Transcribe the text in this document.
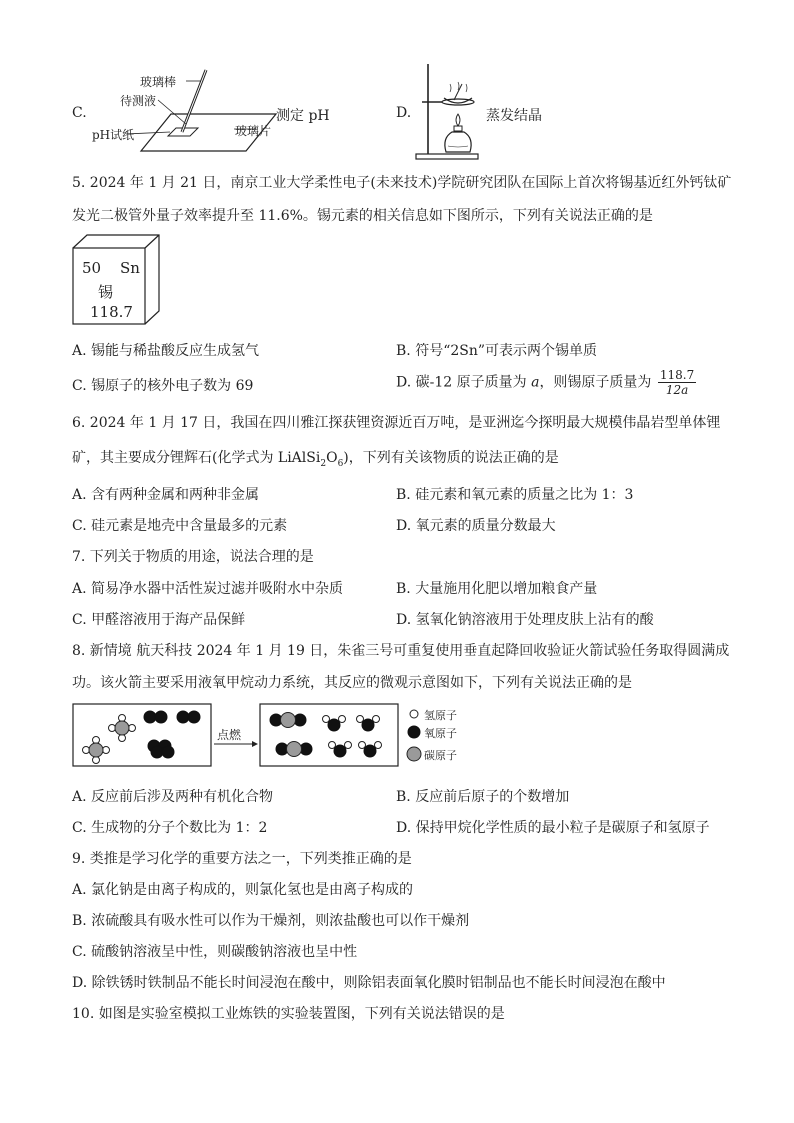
C.
玻璃棒
待测液
pH试纸	玻璃片
测定 pH	D.	蒸发结晶
5. 2024 年 1 月 21 日，南京工业大学柔性电子(未来技术)学院研究团队在国际上首次将锡基近红外钙钛矿
发光二极管外量子效率提升至 11.6%。锡元素的相关信息如下图所示，下列有关说法正确的是
50 Sn
锡
118.7
A. 锡能与稀盐酸反应生成氢气	B. 符号“2Sn”可表示两个锡单质
C. 锡原子的核外电子数为 69	D. 碳-12 原子质量为 a，则锡原子质量为 $\frac{118.7}{12a}$
6. 2024 年 1 月 17 日，我国在四川雅江探获锂资源近百万吨，是亚洲迄今探明最大规模伟晶岩型单体锂
矿，其主要成分锂辉石(化学式为 $LiAlSi_2O_6$)，下列有关该物质的说法正确的是
A. 含有两种金属和两种非金属	B. 硅元素和氧元素的质量之比为 1：3
C. 硅元素是地壳中含量最多的元素	D. 氧元素的质量分数最大
7. 下列关于物质的用途，说法合理的是
A. 简易净水器中活性炭过滤并吸附水中杂质	B. 大量施用化肥以增加粮食产量
C. 甲醛溶液用于海产品保鲜	D. 氢氧化钠溶液用于处理皮肤上沾有的酸
8. 新情境 航天科技 2024 年 1 月 19 日，朱雀三号可重复使用垂直起降回收验证火箭试验任务取得圆满成
功。该火箭主要采用液氧甲烷动力系统，其反应的微观示意图如下，下列有关说法正确的是
点燃
氢原子
氧原子
碳原子
A. 反应前后涉及两种有机化合物	B. 反应前后原子的个数增加
C. 生成物的分子个数比为 1：2	D. 保持甲烷化学性质的最小粒子是碳原子和氢原子
9. 类推是学习化学的重要方法之一，下列类推正确的是
A. 氯化钠是由离子构成的，则氯化氢也是由离子构成的
B. 浓硫酸具有吸水性可以作为干燥剂，则浓盐酸也可以作干燥剂
C. 硫酸钠溶液呈中性，则碳酸钠溶液也呈中性
D. 除铁锈时铁制品不能长时间浸泡在酸中，则除铝表面氧化膜时铝制品也不能长时间浸泡在酸中
10. 如图是实验室模拟工业炼铁的实验装置图，下列有关说法错误的是
